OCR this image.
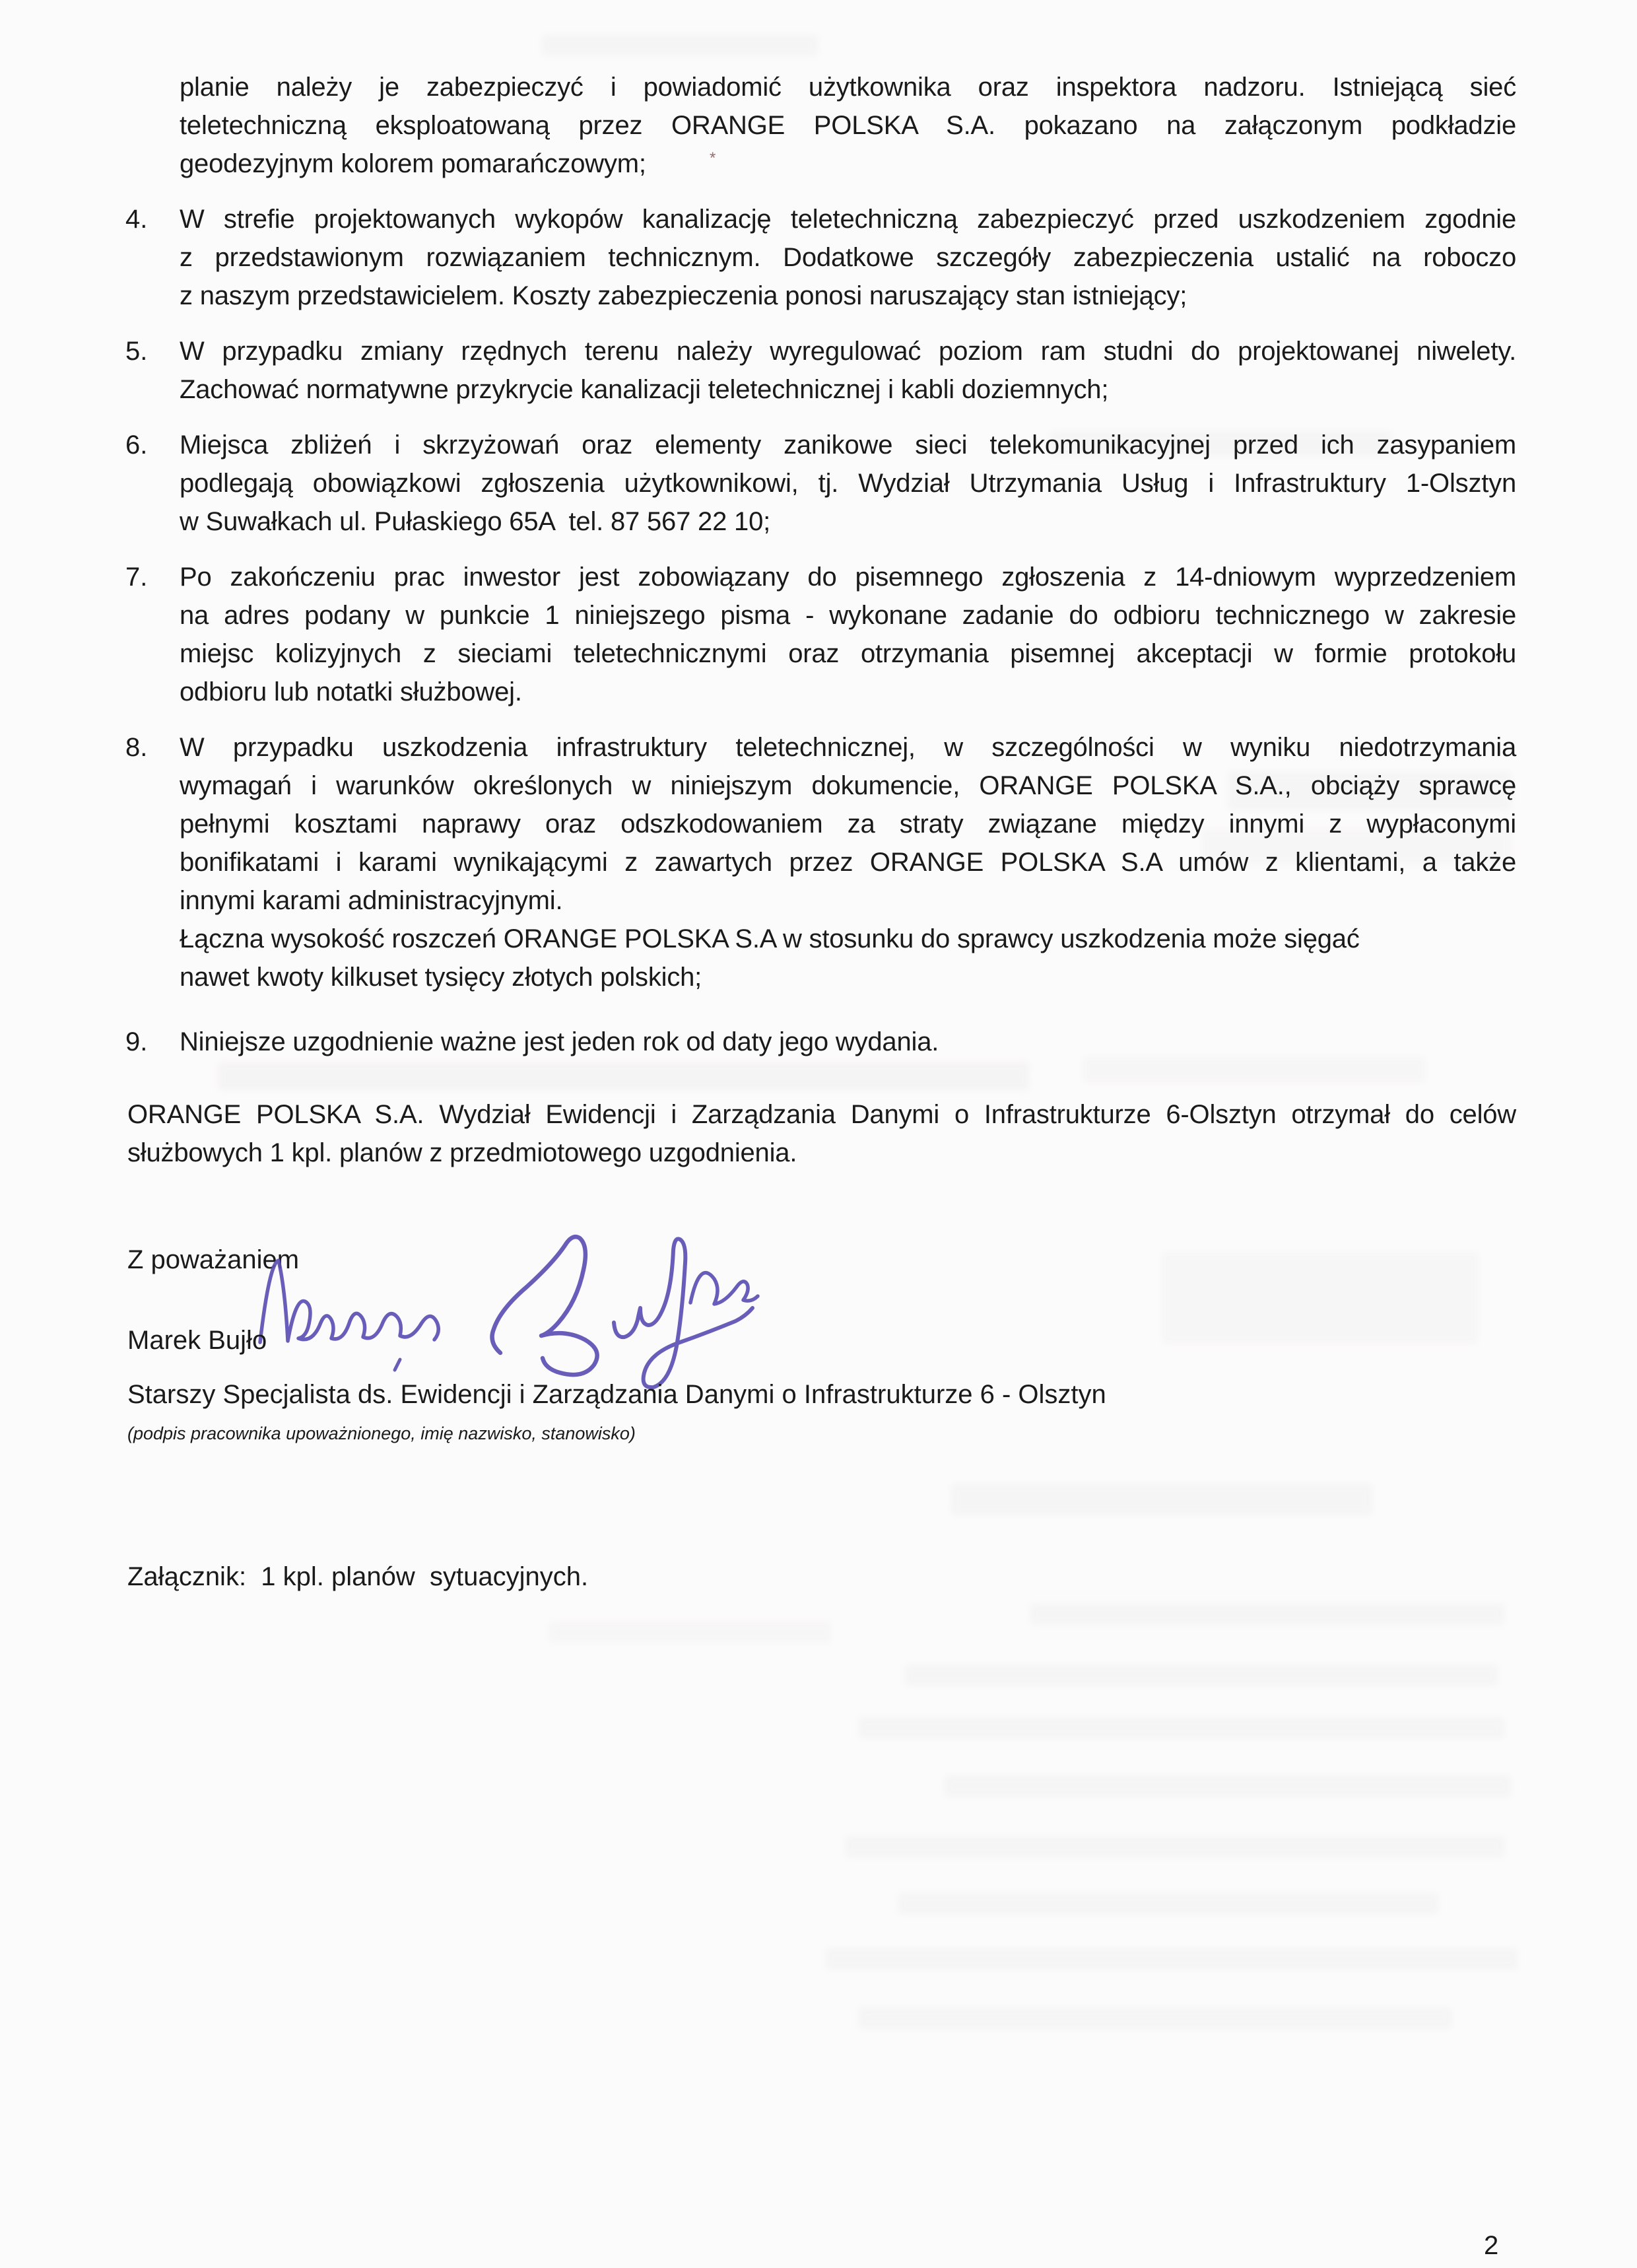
planie należy je zabezpieczyć i powiadomić użytkownika oraz inspektora nadzoru. Istniejącą sieć
teletechniczną eksploatowaną przez ORANGE POLSKA S.A. pokazano na załączonym podkładzie
geodezyjnym kolorem pomarańczowym;	*
4. W strefie projektowanych wykopów kanalizację teletechniczną zabezpieczyć przed uszkodzeniem zgodnie
z przedstawionym rozwiązaniem technicznym. Dodatkowe szczegóły zabezpieczenia ustalić na roboczo
z naszym przedstawicielem. Koszty zabezpieczenia ponosi naruszający stan istniejący;
5. W przypadku zmiany rzędnych terenu należy wyregulować poziom ram studni do projektowanej niwelety.
Zachować normatywne przykrycie kanalizacji teletechnicznej i kabli doziemnych;
6. Miejsca zbliżeń i skrzyżowań oraz elementy zanikowe sieci telekomunikacyjnej przed ich zasypaniem
podlegają obowiązkowi zgłoszenia użytkownikowi, tj. Wydział Utrzymania Usług i Infrastruktury 1-Olsztyn
w Suwałkach ul. Pułaskiego 65A  tel. 87 567 22 10;
7. Po zakończeniu prac inwestor jest zobowiązany do pisemnego zgłoszenia z 14-dniowym wyprzedzeniem
na adres podany w punkcie 1 niniejszego pisma - wykonane zadanie do odbioru technicznego w zakresie
miejsc kolizyjnych z sieciami teletechnicznymi oraz otrzymania pisemnej akceptacji w formie protokołu
odbioru lub notatki służbowej.
8. W przypadku uszkodzenia infrastruktury teletechnicznej, w szczególności w wyniku niedotrzymania
wymagań i warunków określonych w niniejszym dokumencie, ORANGE POLSKA S.A., obciąży sprawcę
pełnymi kosztami naprawy oraz odszkodowaniem za straty związane między innymi z wypłaconymi
bonifikatami i karami wynikającymi z zawartych przez ORANGE POLSKA S.A umów z klientami, a także
innymi karami administracyjnymi.
Łączna wysokość roszczeń ORANGE POLSKA S.A w stosunku do sprawcy uszkodzenia może sięgać
nawet kwoty kilkuset tysięcy złotych polskich;
9. Niniejsze uzgodnienie ważne jest jeden rok od daty jego wydania.
ORANGE POLSKA S.A. Wydział Ewidencji i Zarządzania Danymi o Infrastrukturze 6-Olsztyn otrzymał do celów
służbowych 1 kpl. planów z przedmiotowego uzgodnienia.
Z poważaniem
Marek Bujło
Starszy Specjalista ds. Ewidencji i Zarządzania Danymi o Infrastrukturze 6 - Olsztyn
(podpis pracownika upoważnionego, imię nazwisko, stanowisko)
Załącznik:  1 kpl. planów  sytuacyjnych.
2
